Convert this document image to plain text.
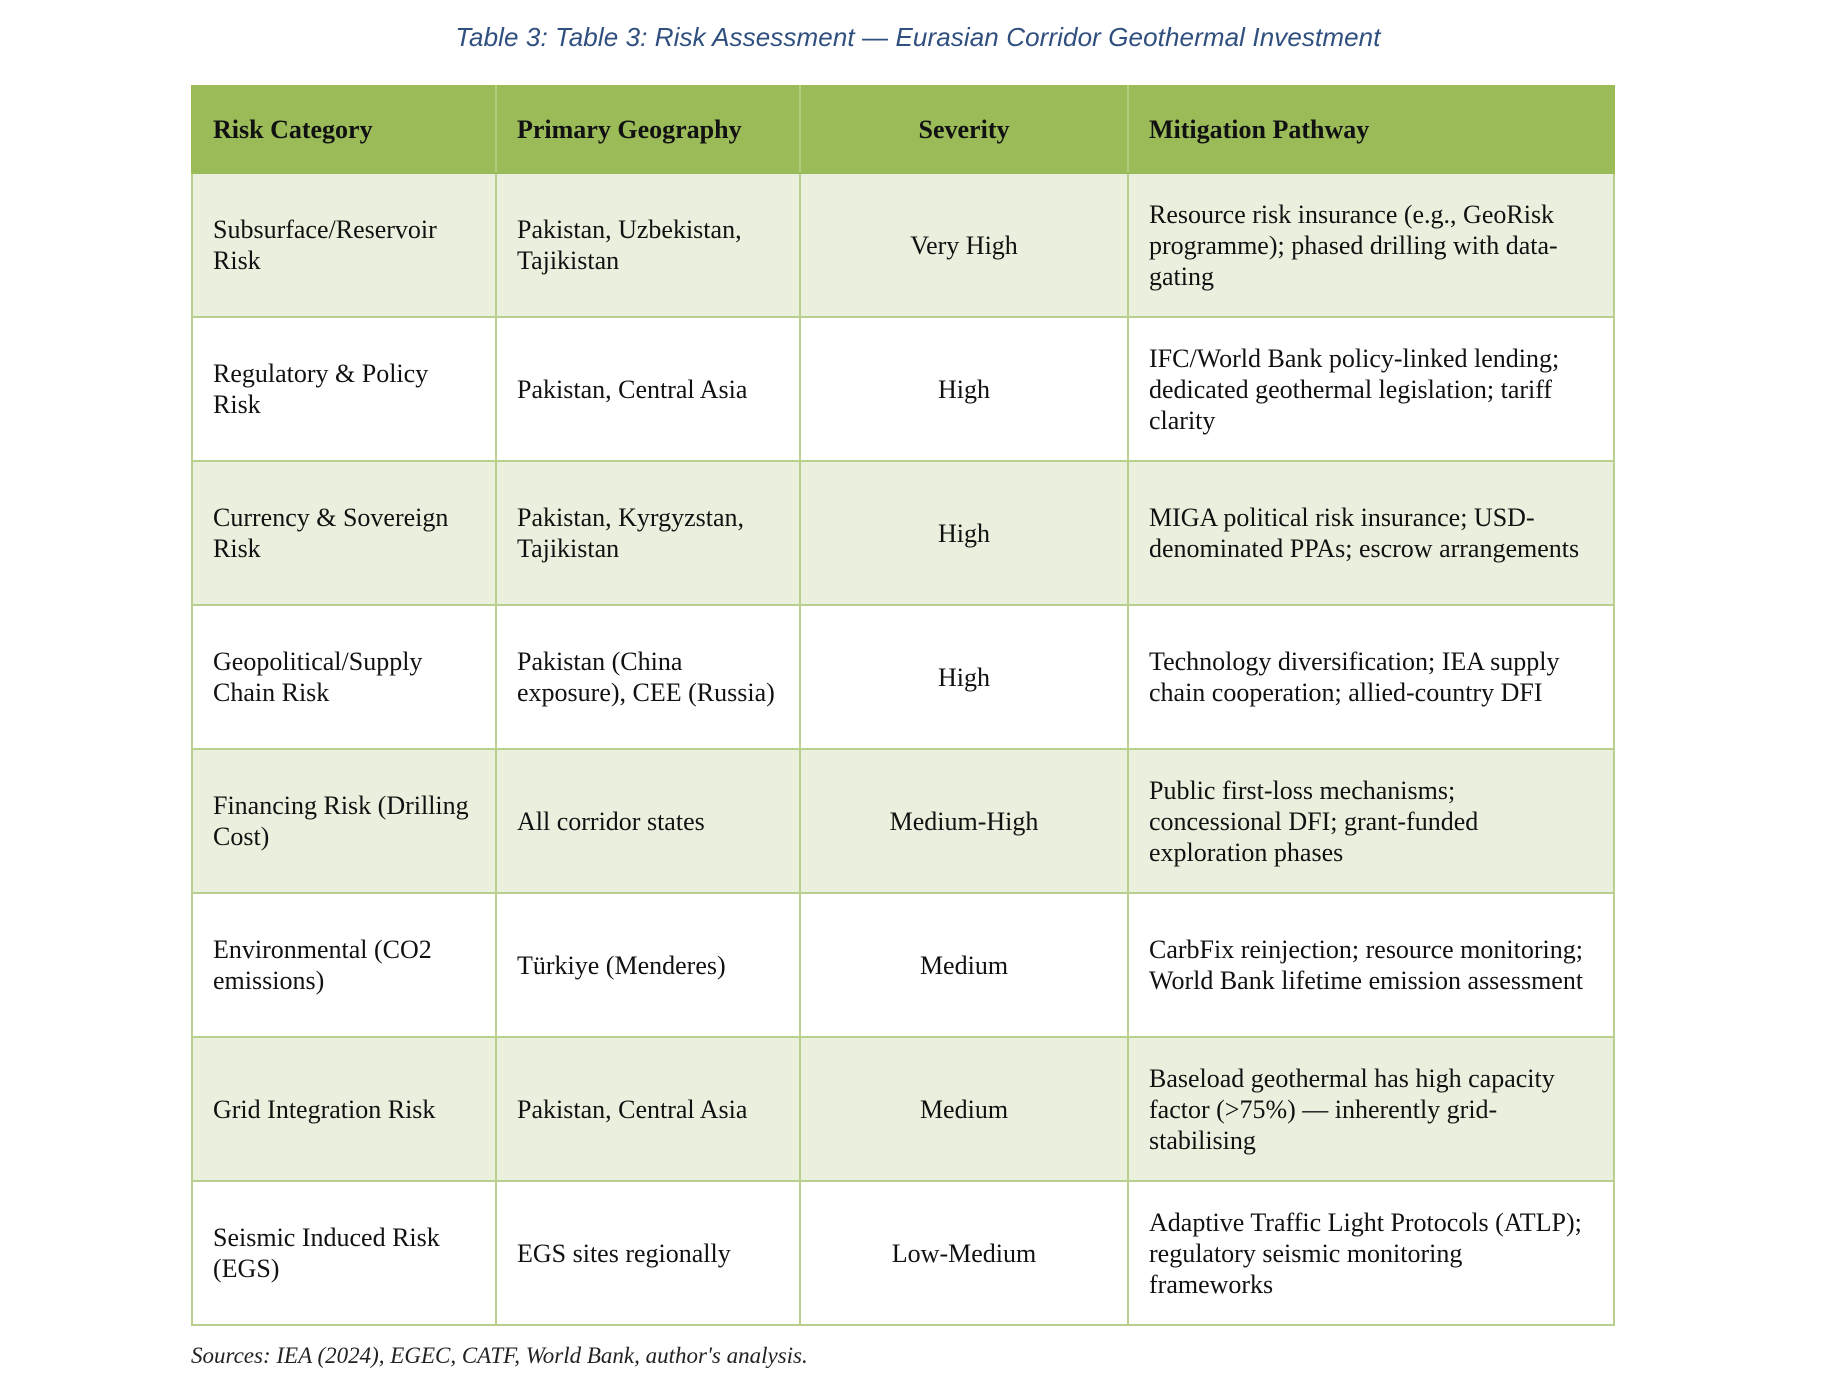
Table 3: Table 3: Risk Assessment — Eurasian Corridor Geothermal Investment
Risk Category	Primary Geography	Severity	Mitigation Pathway
Subsurface/Reservoir Risk	Pakistan, Uzbekistan, Tajikistan	Very High	Resource risk insurance (e.g., GeoRisk programme); phased drilling with data-gating
Regulatory & Policy Risk	Pakistan, Central Asia	High	IFC/World Bank policy-linked lending; dedicated geothermal legislation; tariff clarity
Currency & Sovereign Risk	Pakistan, Kyrgyzstan, Tajikistan	High	MIGA political risk insurance; USD-denominated PPAs; escrow arrangements
Geopolitical/Supply Chain Risk	Pakistan (China exposure), CEE (Russia)	High	Technology diversification; IEA supply chain cooperation; allied-country DFI
Financing Risk (Drilling Cost)	All corridor states	Medium-High	Public first-loss mechanisms; concessional DFI; grant-funded exploration phases
Environmental (CO2 emissions)	Türkiye (Menderes)	Medium	CarbFix reinjection; resource monitoring; World Bank lifetime emission assessment
Grid Integration Risk	Pakistan, Central Asia	Medium	Baseload geothermal has high capacity factor (>75%) — inherently grid-stabilising
Seismic Induced Risk (EGS)	EGS sites regionally	Low-Medium	Adaptive Traffic Light Protocols (ATLP); regulatory seismic monitoring frameworks
Sources: IEA (2024), EGEC, CATF, World Bank, author's analysis.
